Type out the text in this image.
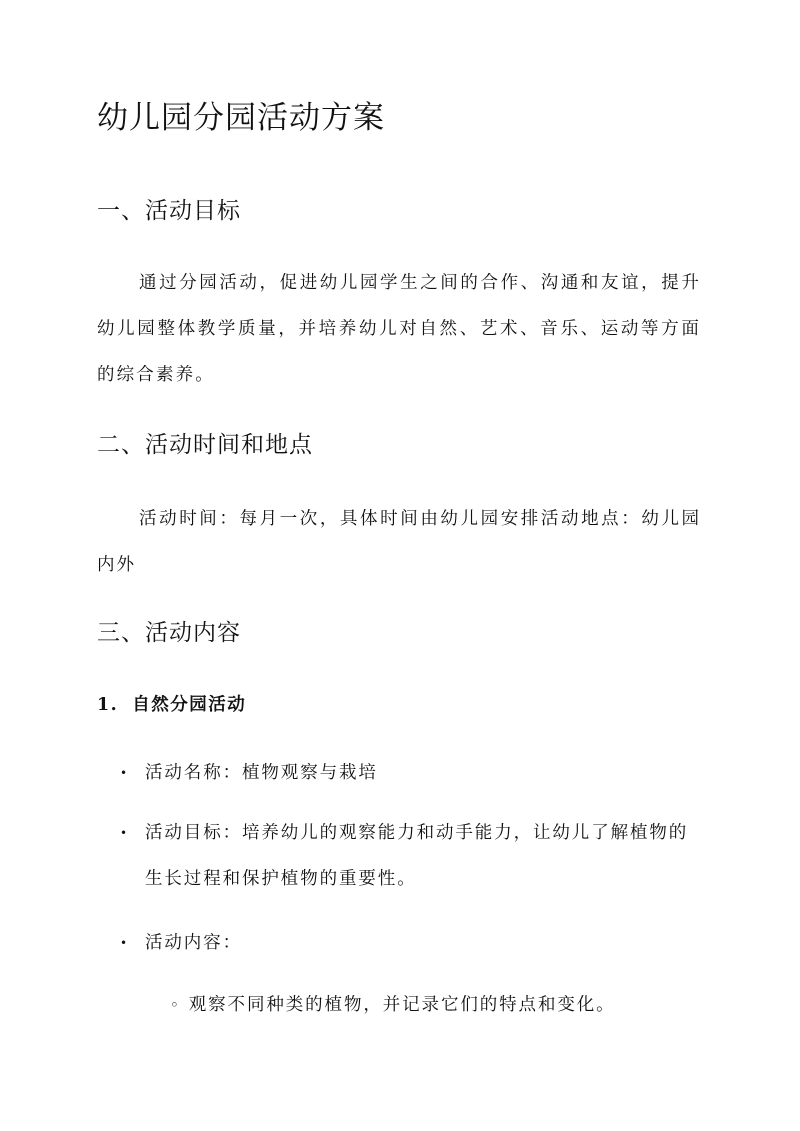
幼儿园分园活动方案
一、活动目标

通过分园活动，促进幼儿园学生之间的合作、沟通和友谊，提升幼儿园整体教学质量，并培养幼儿对自然、艺术、音乐、运动等方面的综合素养。

二、活动时间和地点

活动时间：每月一次，具体时间由幼儿园安排活动地点：幼儿园内外

三、活动内容
1. 自然分园活动
• 活动名称：植物观察与栽培
• 活动目标：培养幼儿的观察能力和动手能力，让幼儿了解植物的生长过程和保护植物的重要性。
• 活动内容：
◦ 观察不同种类的植物，并记录它们的特点和变化。
